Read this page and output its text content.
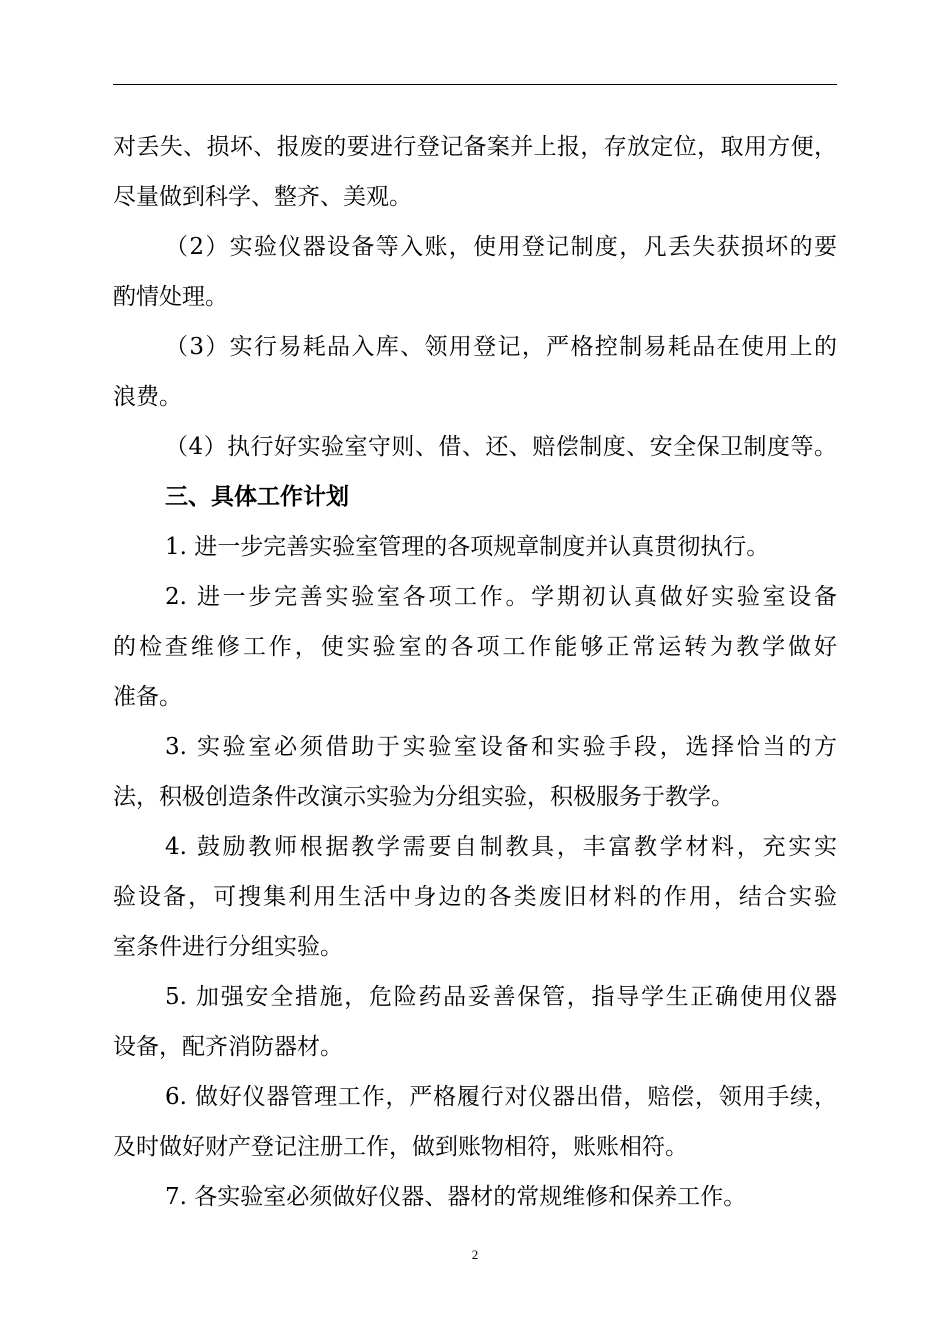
对丢失、损坏、报废的要进行登记备案并上报，存放定位，取用方便，
尽量做到科学、整齐、美观。
（2）实验仪器设备等入账，使用登记制度，凡丢失获损坏的要
酌情处理。
（3）实行易耗品入库、领用登记，严格控制易耗品在使用上的
浪费。
（4）执行好实验室守则、借、还、赔偿制度、安全保卫制度等。
三、具体工作计划
1. 进一步完善实验室管理的各项规章制度并认真贯彻执行。
2. 进一步完善实验室各项工作。学期初认真做好实验室设备
的检查维修工作，使实验室的各项工作能够正常运转为教学做好
准备。
3. 实验室必须借助于实验室设备和实验手段，选择恰当的方
法，积极创造条件改演示实验为分组实验，积极服务于教学。
4. 鼓励教师根据教学需要自制教具，丰富教学材料，充实实
验设备，可搜集利用生活中身边的各类废旧材料的作用，结合实验
室条件进行分组实验。
5. 加强安全措施，危险药品妥善保管，指导学生正确使用仪器
设备，配齐消防器材。
6. 做好仪器管理工作，严格履行对仪器出借，赔偿，领用手续，
及时做好财产登记注册工作，做到账物相符，账账相符。
7. 各实验室必须做好仪器、器材的常规维修和保养工作。
2
